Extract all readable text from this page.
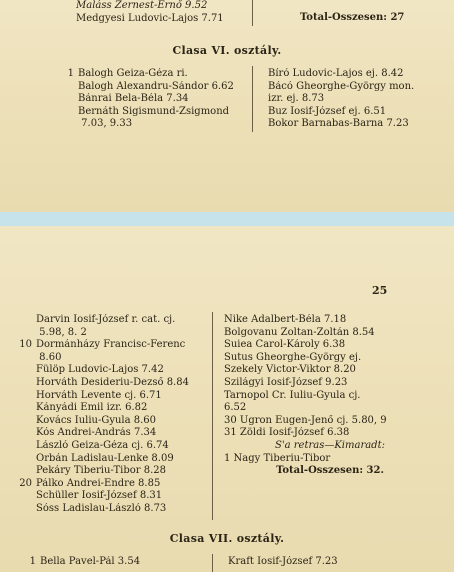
Maláss Zernest-Ernő 9.52
Medgyesi Ludovic-Lajos 7.71	Total-Összesen: 27
Clasa VI. osztály.
1 Balogh Geiza-Géza ri.
Balogh Alexandru-Sándor 6.62
Bánrai Bela-Béla 7.34
Bernáth Sigismund-Zsigmond
7.03, 9.33
Bíró Ludovic-Lajos ej. 8.42
Bácó Gheorghe-György mon.
izr. ej. 8.73
Buz Iosif-József ej. 6.51
Bokor Barnabas-Barna 7.23
25
Darvin Iosif-József r. cat. cj.
5.98, 8. 2
10 Dormánházy Francisc-Ferenc
8.60
Fülöp Ludovic-Lajos 7.42
Horváth Desideriu-Dezső 8.84
Horváth Levente cj. 6.71
Kányádi Emil izr. 6.82
Kovács Iuliu-Gyula 8.60
Kós Andrei-András 7.34
László Geiza-Géza cj. 6.74
Orbán Ladislau-Lenke 8.09
Pekáry Tiberiu-Tibor 8.28
20 Pálko Andrei-Endre 8.85
Schüller Iosif-József 8.31
Sóss Ladislau-László 8.73
Nike Adalbert-Béla 7.18
Bolgovanu Zoltan-Zoltán 8.54
Suiea Carol-Károly 6.38
Sutus Gheorghe-György ej.
Szekely Victor-Viktor 8.20
Szilágyi Iosif-József 9.23
Tarnopol Cr. Iuliu-Gyula cj.
6.52
30 Ugron Eugen-Jenő cj. 5.80, 9
31 Zöldi Iosif-József 6.38
S'a retras—Kimaradt:
1 Nagy Tiberiu-Tibor
Total-Összesen: 32.
Clasa VII. osztály.
1 Bella Pavel-Pál 3.54	Kraft Iosif-József 7.23
